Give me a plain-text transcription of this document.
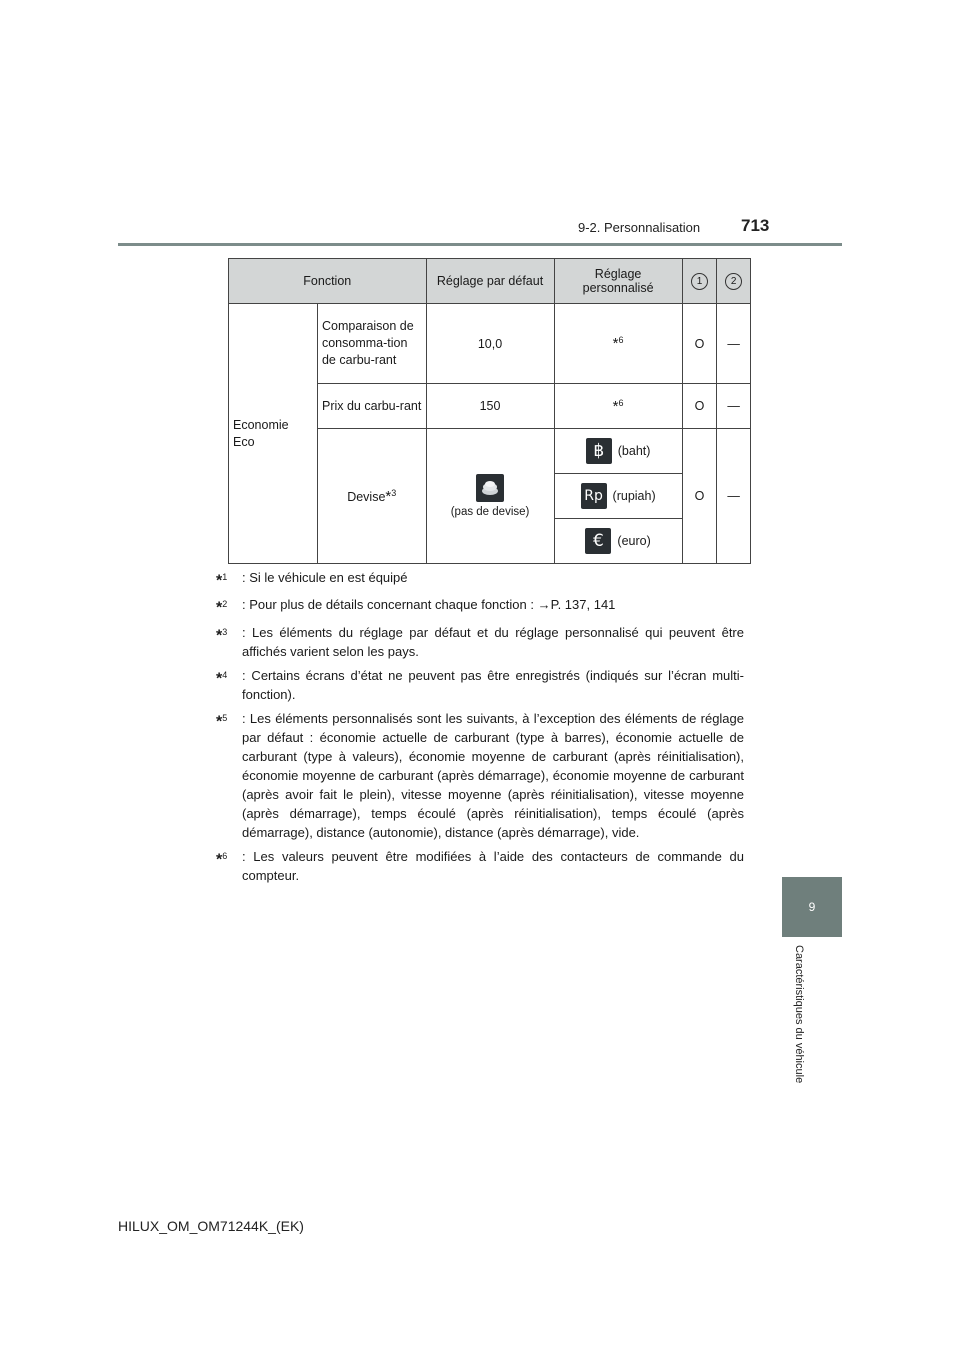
9-2. Personnalisation 713
9
Caractéristiques du véhicule
Fonction		Réglage par défaut	Réglage personnalisé	1	2

Economie
Eco	Comparaison de consomma-tion de carbu-rant	10,0	*$^6$	O	—
	Prix du carbu-rant	150	*$^6$	O	—
	Devise*$^3$	(pas de devise)	฿ (baht)	O	—

			Rp (rupiah)		

			€ (euro)		
*$^1$	: Si le véhicule en est équipé
*$^2$	: Pour plus de détails concernant chaque fonction : →P. 137, 141
*$^3$	: Les éléments du réglage par défaut et du réglage personnalisé qui peuvent être affichés varient selon les pays.
*$^4$	: Certains écrans d’état ne peuvent pas être enregistrés (indiqués sur l’écran multi-fonction).
*$^5$	: Les éléments personnalisés sont les suivants, à l’exception des éléments de réglage par défaut : économie actuelle de carburant (type à barres), économie actuelle de carburant (type à valeurs), économie moyenne de carburant (après réinitialisation), économie moyenne de carburant (après démarrage), économie moyenne de carburant (après avoir fait le plein), vitesse moyenne (après réinitialisation), vitesse moyenne (après démarrage), temps écoulé (après réinitialisation), temps écoulé (après démarrage), distance (autonomie), distance (après démarrage), vide.
*$^6$	: Les valeurs peuvent être modifiées à l’aide des contacteurs de commande du compteur.
HILUX_OM_OM71244K_(EK)
